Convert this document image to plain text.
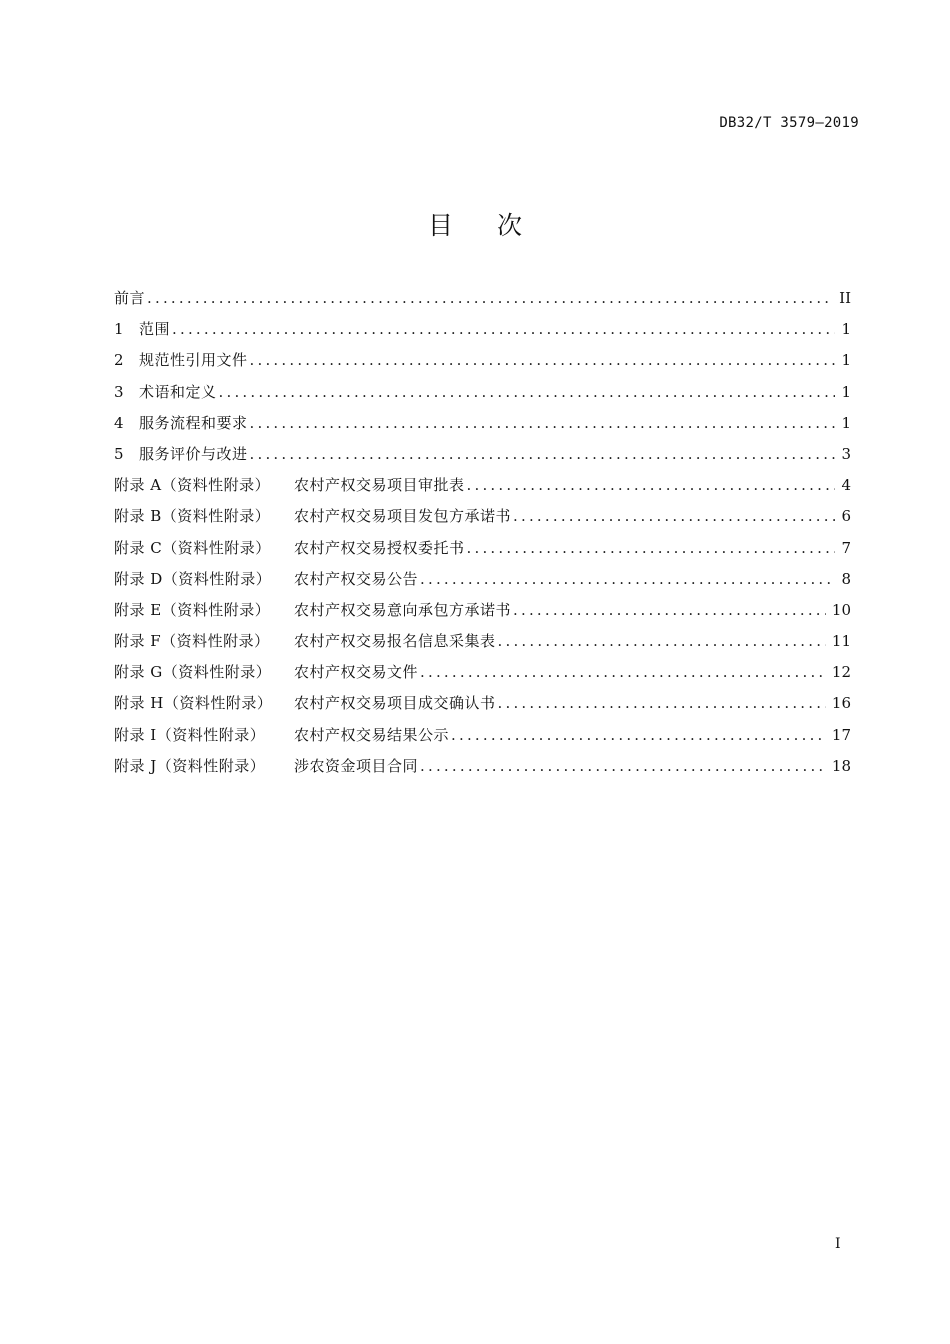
DB32/T 3579—2019
目次
前言 .....	II
1	范围 .....	1
2	规范性引用文件 .....	1
3	术语和定义 .....	1
4	服务流程和要求 .....	1
5	服务评价与改进 .....	3
附录 A（资料性附录）	农村产权交易项目审批表 .....	4
附录 B（资料性附录）	农村产权交易项目发包方承诺书 .....	6
附录 C（资料性附录）	农村产权交易授权委托书 .....	7
附录 D（资料性附录）	农村产权交易公告 .....	8
附录 E（资料性附录）	农村产权交易意向承包方承诺书 .....	10
附录 F（资料性附录）	农村产权交易报名信息采集表 .....	11
附录 G（资料性附录）	农村产权交易文件 .....	12
附录 H（资料性附录）	农村产权交易项目成交确认书 .....	16
附录 I（资料性附录）	农村产权交易结果公示 .....	17
附录 J（资料性附录）	涉农资金项目合同 .....	18
I
